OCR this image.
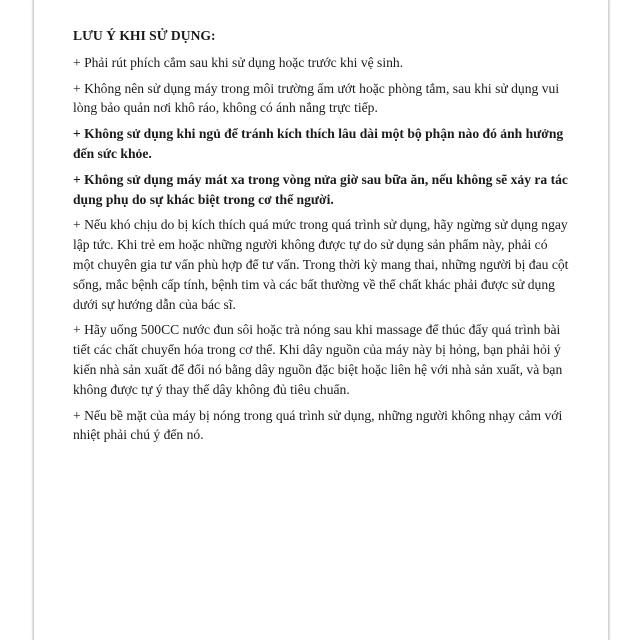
LƯU Ý KHI SỬ DỤNG:
+ Phải rút phích cắm sau khi sử dụng hoặc trước khi vệ sinh.
+ Không nên sử dụng máy trong môi trường ẩm ướt hoặc phòng tắm, sau khi sử dụng vui
lòng bảo quản nơi khô ráo, không có ánh nắng trực tiếp.
+ Không sử dụng khi ngủ để tránh kích thích lâu dài một bộ phận nào đó ảnh hưởng
đến sức khỏe.
+ Không sử dụng máy mát xa trong vòng nửa giờ sau bữa ăn, nếu không sẽ xảy ra tác
dụng phụ do sự khác biệt trong cơ thể người.
+ Nếu khó chịu do bị kích thích quá mức trong quá trình sử dụng, hãy ngừng sử dụng ngay
lập tức. Khi trẻ em hoặc những người không được tự do sử dụng sản phẩm này, phải có
một chuyên gia tư vấn phù hợp để tư vấn. Trong thời kỳ mang thai, những người bị đau cột
sống, mắc bệnh cấp tính, bệnh tim và các bất thường về thể chất khác phải được sử dụng
dưới sự hướng dẫn của bác sĩ.
+ Hãy uống 500CC nước đun sôi hoặc trà nóng sau khi massage để thúc đẩy quá trình bài
tiết các chất chuyển hóa trong cơ thể. Khi dây nguồn của máy này bị hỏng, bạn phải hỏi ý
kiến nhà sản xuất để đổi nó bằng dây nguồn đặc biệt hoặc liên hệ với nhà sản xuất, và bạn
không được tự ý thay thế dây không đủ tiêu chuẩn.
+ Nếu bề mặt của máy bị nóng trong quá trình sử dụng, những người không nhạy cảm với
nhiệt phải chú ý đến nó.
